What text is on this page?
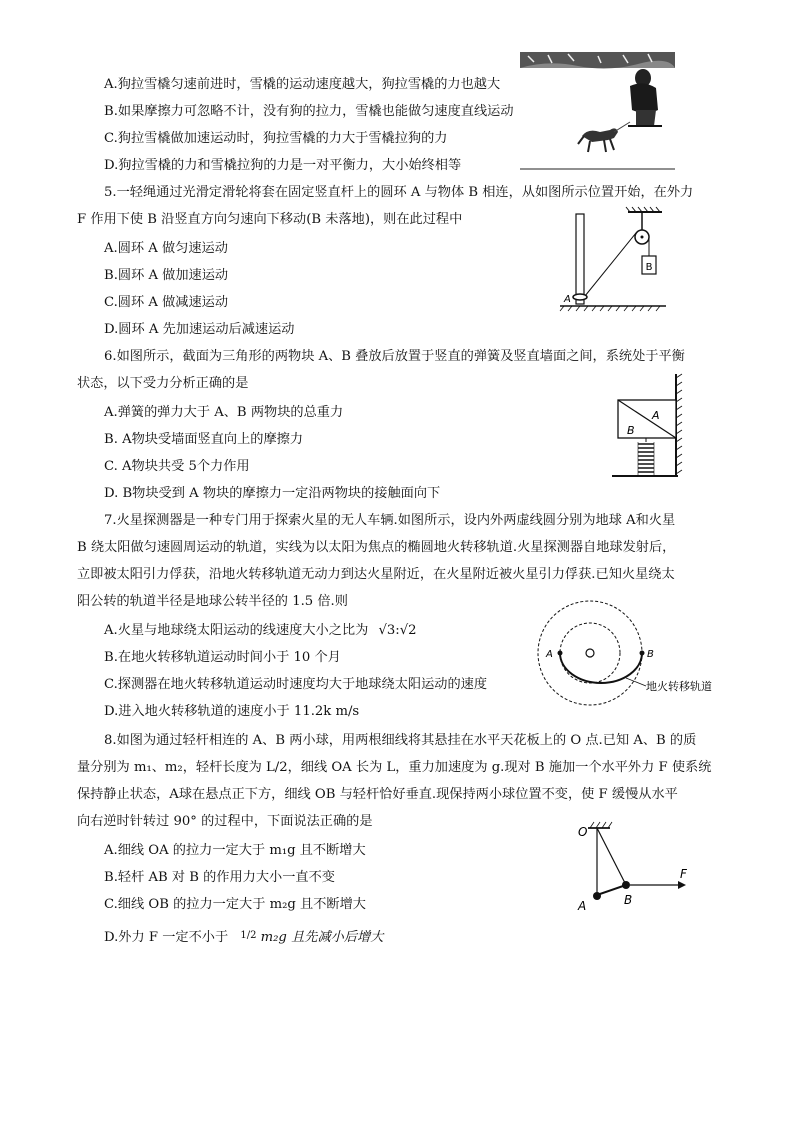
A.狗拉雪橇匀速前进时，雪橇的运动速度越大，狗拉雪橇的力也越大
B.如果摩擦力可忽略不计，没有狗的拉力，雪橇也能做匀速度直线运动
C.狗拉雪橇做加速运动时，狗拉雪橇的力大于雪橇拉狗的力
D.狗拉雪橇的力和雪橇拉狗的力是一对平衡力，大小始终相等
5.一轻绳通过光滑定滑轮将套在固定竖直杆上的圆环 A 与物体 B 相连，从如图所示位置开始，在外力
F 作用下使 B 沿竖直方向匀速向下移动(B 未落地)，则在此过程中
A.圆环 A 做匀速运动
B.圆环 A 做加速运动
C.圆环 A 做减速运动
D.圆环 A 先加速运动后减速运动
B
A
6.如图所示，截面为三角形的两物块 A、B 叠放后放置于竖直的弹簧及竖直墙面之间，系统处于平衡
状态，以下受力分析正确的是
A.弹簧的弹力大于 A、B 两物块的总重力
B. A物块受墙面竖直向上的摩擦力
C. A物块共受 5个力作用
D. B物块受到 A 物块的摩擦力一定沿两物块的接触面向下
A
B
7.火星探测器是一种专门用于探索火星的无人车辆.如图所示，设内外两虚线圆分别为地球 A和火星
B 绕太阳做匀速圆周运动的轨道，实线为以太阳为焦点的椭圆地火转移轨道.火星探测器自地球发射后，
立即被太阳引力俘获，沿地火转移轨道无动力到达火星附近，在火星附近被火星引力俘获.已知火星绕太
阳公转的轨道半径是地球公转半径的 1.5 倍.则
A.火星与地球绕太阳运动的线速度大小之比为 √3:√2
B.在地火转移轨道运动时间小于 10 个月
C.探测器在地火转移轨道运动时速度均大于地球绕太阳运动的速度
D.进入地火转移轨道的速度小于 11.2k m/s
A	B
地火转移轨道
8.如图为通过轻杆相连的 A、B 两小球，用两根细线将其悬挂在水平天花板上的 O 点.已知 A、B 的质
量分别为 m₁、m₂，轻杆长度为 L/2，细线 OA 长为 L，重力加速度为 g.现对 B 施加一个水平外力 F 使系统
保持静止状态，A球在悬点正下方，细线 OB 与轻杆恰好垂直.现保持两小球位置不变，使 F 缓慢从水平
向右逆时针转过 90° 的过程中，下面说法正确的是
A.细线 OA 的拉力一定大于 m₁g 且不断增大
B.轻杆 AB 对 B 的作用力大小一直不变
C.细线 OB 的拉力一定大于 m₂g 且不断增大
D.外力 F 一定不小于 $^{1/2}$ m₂g 且先减小后增大
O
F
A	B
